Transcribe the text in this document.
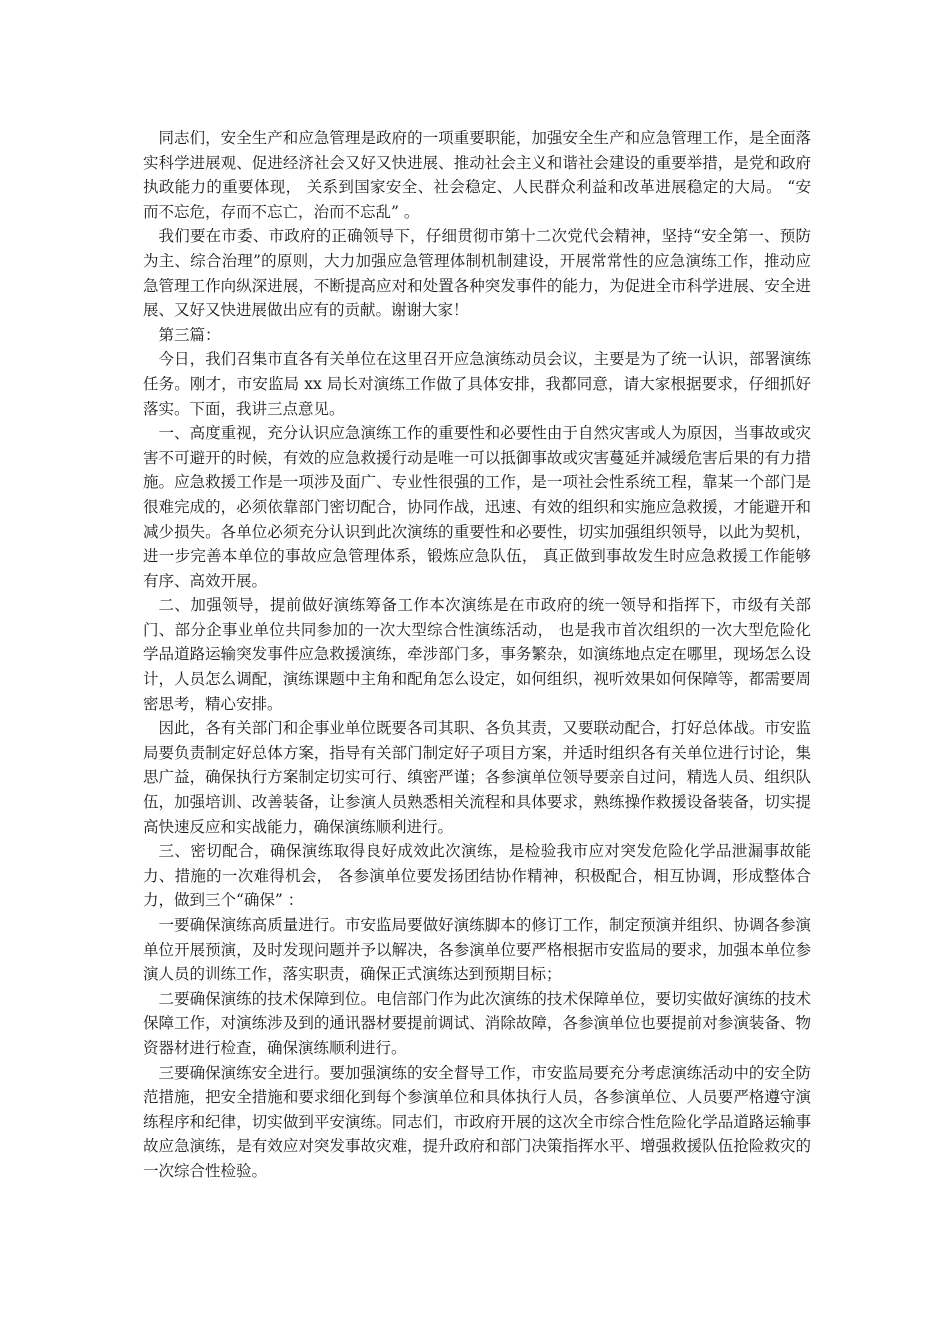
同志们，安全生产和应急管理是政府的一项重要职能，加强安全生产和应急管理工作，是全面落实科学进展观、促进经济社会又好又快进展、推动社会主义和谐社会建设的重要举措，是党和政府执政能力的重要体现， 关系到国家安全、社会稳定、人民群众利益和改革进展稳定的大局。 “安而不忘危，存而不忘亡，治而不忘乱” 。

我们要在市委、市政府的正确领导下，仔细贯彻市第十二次党代会精神，坚持“安全第一、预防为主、综合治理”的原则，大力加强应急管理体制机制建设，开展常常性的应急演练工作，推动应急管理工作向纵深进展，不断提高应对和处置各种突发事件的能力，为促进全市科学进展、安全进展、又好又快进展做出应有的贡献。谢谢大家！

第三篇：

今日，我们召集市直各有关单位在这里召开应急演练动员会议，主要是为了统一认识，部署演练任务。刚才，市安监局 xx 局长对演练工作做了具体安排，我都同意，请大家根据要求，仔细抓好落实。下面，我讲三点意见。

一、高度重视，充分认识应急演练工作的重要性和必要性由于自然灾害或人为原因，当事故或灾害不可避开的时候，有效的应急救援行动是唯一可以抵御事故或灾害蔓延并减缓危害后果的有力措施。应急救援工作是一项涉及面广、专业性很强的工作，是一项社会性系统工程，靠某一个部门是很难完成的，必须依靠部门密切配合，协同作战，迅速、有效的组织和实施应急救援，才能避开和减少损失。各单位必须充分认识到此次演练的重要性和必要性，切实加强组织领导，以此为契机，进一步完善本单位的事故应急管理体系，锻炼应急队伍， 真正做到事故发生时应急救援工作能够有序、高效开展。

二、加强领导，提前做好演练筹备工作本次演练是在市政府的统一领导和指挥下，市级有关部门、部分企事业单位共同参加的一次大型综合性演练活动， 也是我市首次组织的一次大型危险化学品道路运输突发事件应急救援演练，牵涉部门多，事务繁杂，如演练地点定在哪里，现场怎么设计，人员怎么调配，演练课题中主角和配角怎么设定，如何组织，视听效果如何保障等，都需要周密思考，精心安排。

因此，各有关部门和企事业单位既要各司其职、各负其责，又要联动配合，打好总体战。市安监局要负责制定好总体方案，指导有关部门制定好子项目方案，并适时组织各有关单位进行讨论，集思广益，确保执行方案制定切实可行、缜密严谨；各参演单位领导要亲自过问，精选人员、组织队伍，加强培训、改善装备，让参演人员熟悉相关流程和具体要求，熟练操作救援设备装备，切实提高快速反应和实战能力，确保演练顺利进行。

三、密切配合，确保演练取得良好成效此次演练，是检验我市应对突发危险化学品泄漏事故能力、措施的一次难得机会， 各参演单位要发扬团结协作精神，积极配合，相互协调，形成整体合力，做到三个“确保” ：

一要确保演练高质量进行。市安监局要做好演练脚本的修订工作，制定预演并组织、协调各参演单位开展预演，及时发现问题并予以解决，各参演单位要严格根据市安监局的要求，加强本单位参演人员的训练工作，落实职责，确保正式演练达到预期目标；

二要确保演练的技术保障到位。电信部门作为此次演练的技术保障单位，要切实做好演练的技术保障工作，对演练涉及到的通讯器材要提前调试、消除故障，各参演单位也要提前对参演装备、物资器材进行检查，确保演练顺利进行。

三要确保演练安全进行。要加强演练的安全督导工作，市安监局要充分考虑演练活动中的安全防范措施，把安全措施和要求细化到每个参演单位和具体执行人员，各参演单位、人员要严格遵守演练程序和纪律，切实做到平安演练。同志们，市政府开展的这次全市综合性危险化学品道路运输事故应急演练，是有效应对突发事故灾难，提升政府和部门决策指挥水平、增强救援队伍抢险救灾的一次综合性检验。
